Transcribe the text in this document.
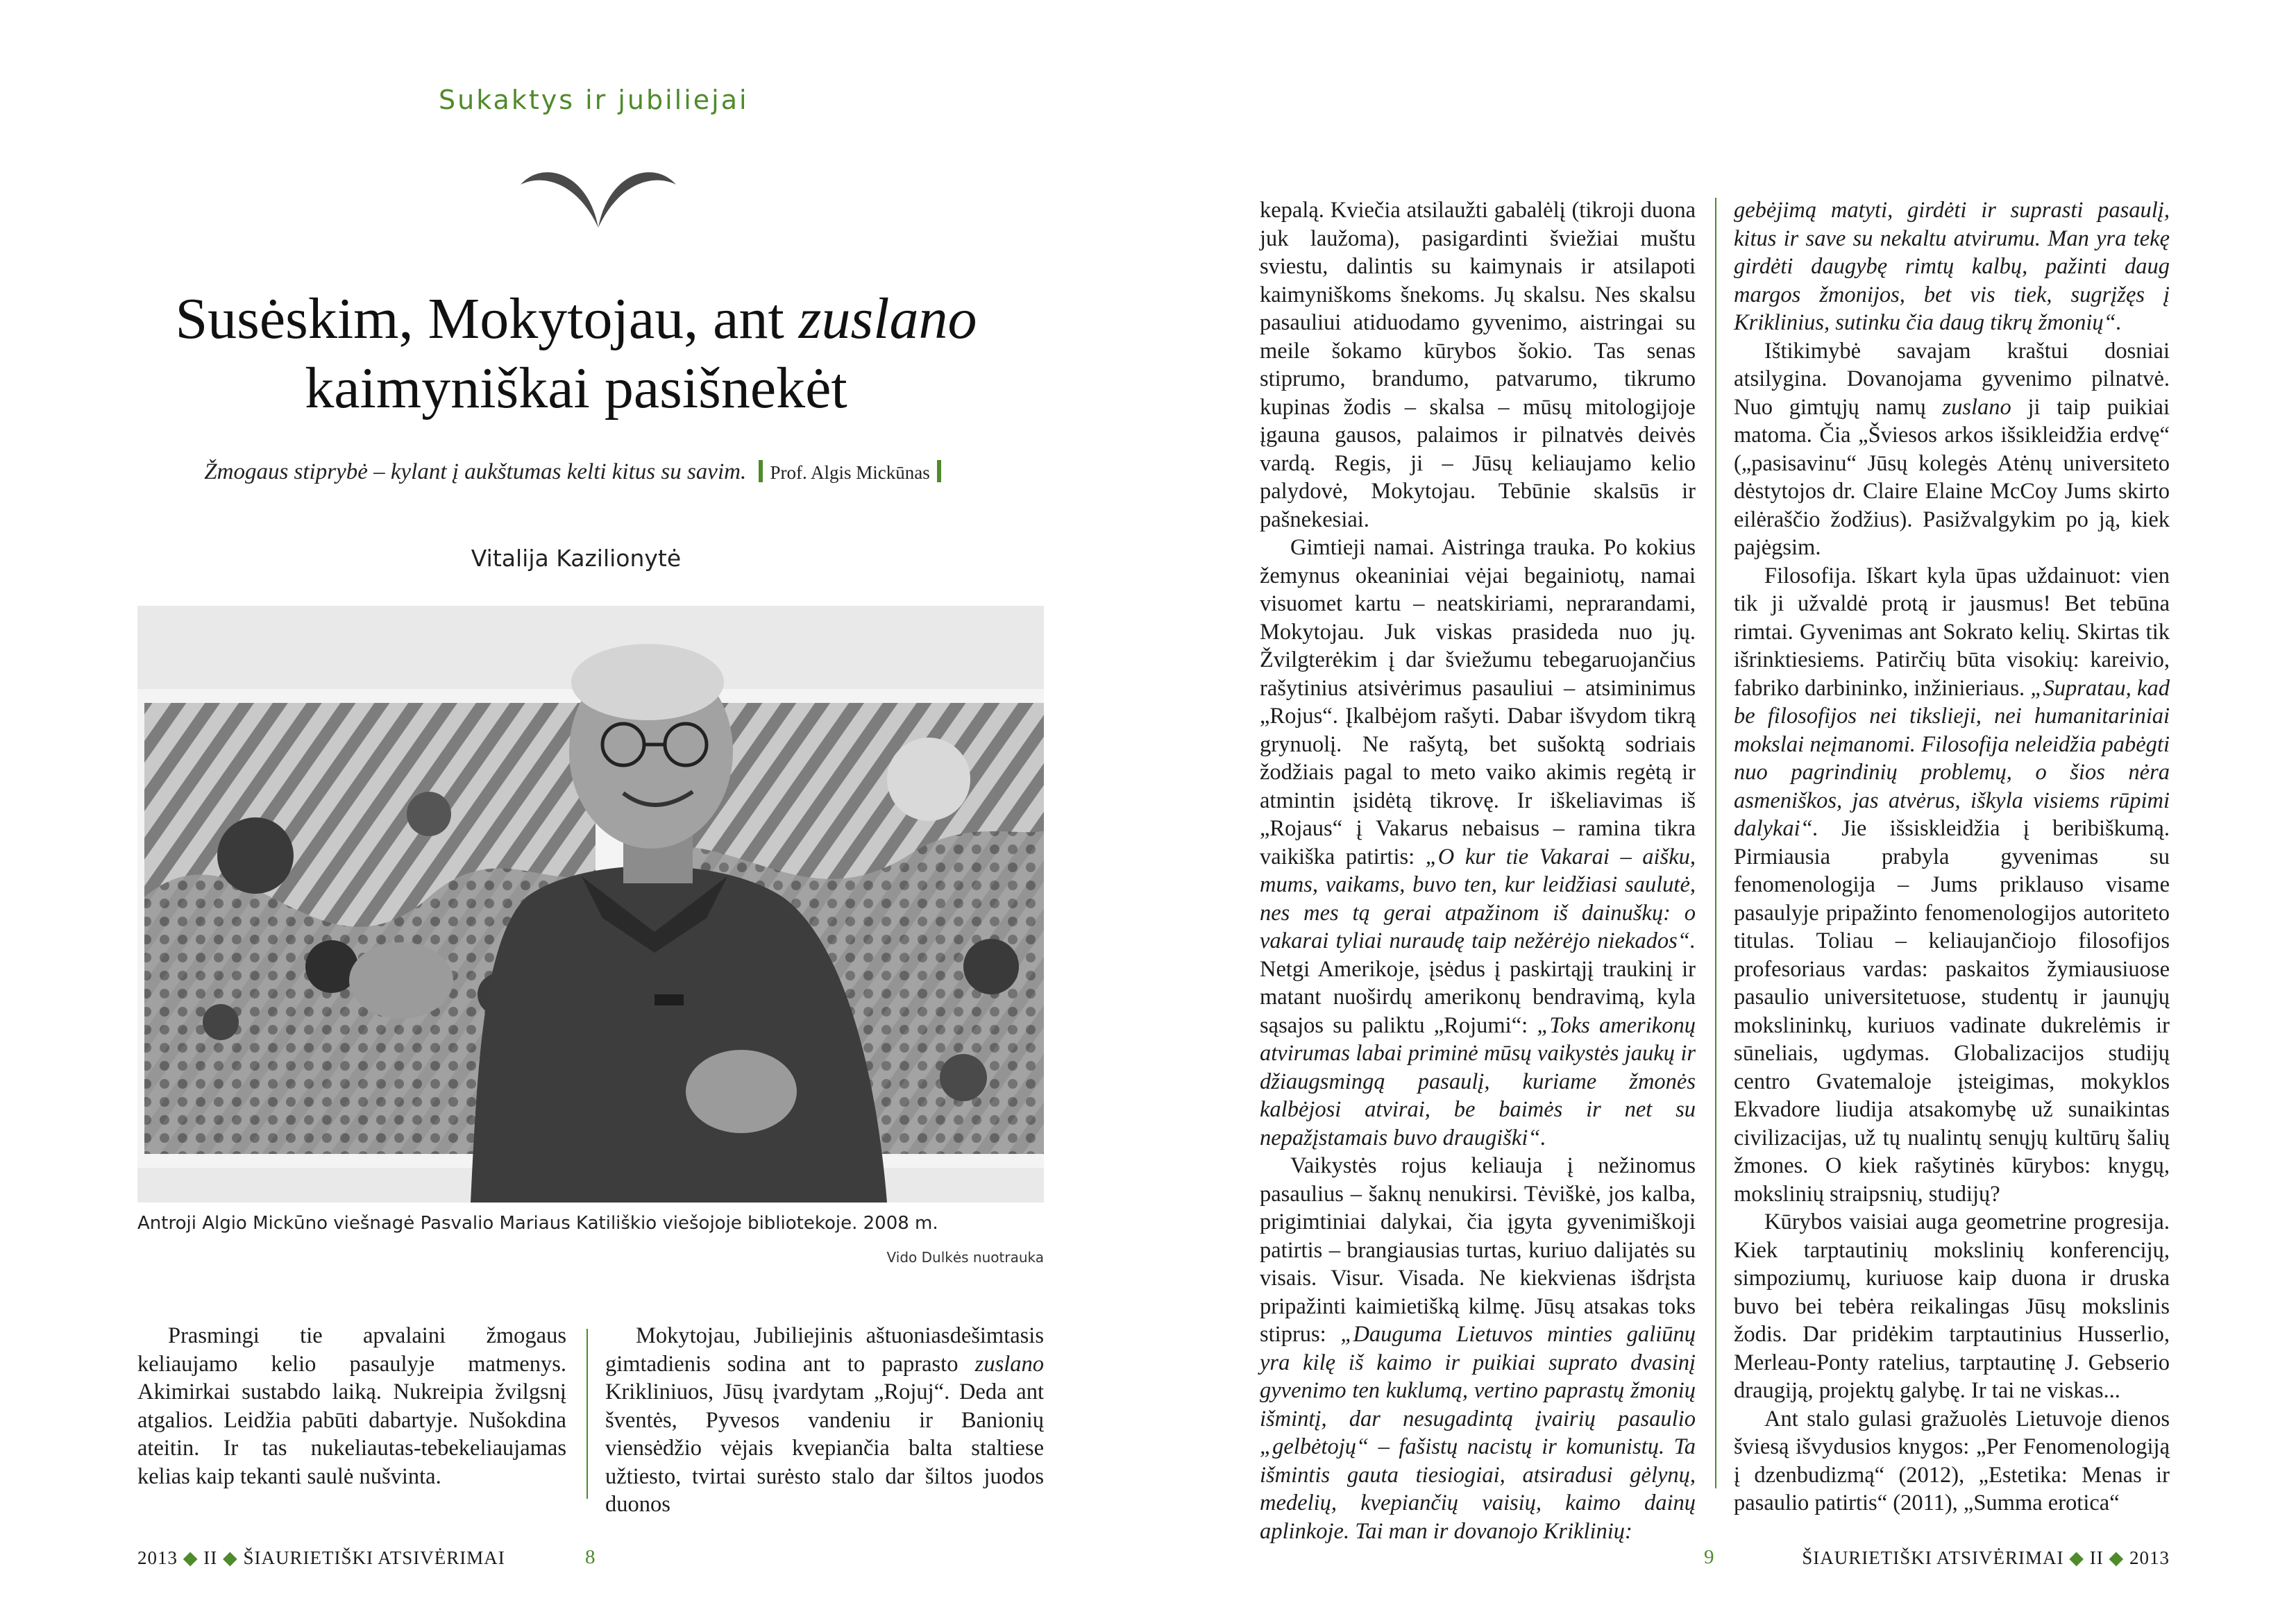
Sukaktys ir jubiliejai
Susėskim, Mokytojau, ant zuslano
kaimyniškai pasišnekėt
Žmogaus stiprybė – kylant į aukštumas kelti kitus su savim. Prof. Algis Mickūnas
Vitalija Kazilionytė
Antroji Algio Mickūno viešnagė Pasvalio Mariaus Katiliškio viešojoje bibliotekoje. 2008 m.
Vido Dulkės nuotrauka

Prasmingi tie apvalaini žmogaus keliaujamo kelio pasaulyje matmenys. Akimirkai sustabdo laiką. Nukreipia žvilgsnį atgalios. Leidžia pabūti dabartyje. Nušokdina ateitin. Ir tas nukeliautas-tebekeliaujamas kelias kaip tekanti saulė nušvinta.

Mokytojau, Jubiliejinis aštuoniasdešimtasis gimtadienis sodina ant to paprasto zuslano Krikliniuos, Jūsų įvardytam „Rojuj“. Deda ant šventės, Pyvesos vandeniu ir Banionių viensėdžio vėjais kvepiančia balta staltiese užtiesto, tvirtai surėsto stalo dar šiltos juodos duonos

kepalą. Kviečia atsilaužti gabalėlį (tikroji duona juk laužoma), pasigardinti šviežiai muštu sviestu, dalintis su kaimynais ir atsilapoti kaimyniškoms šnekoms. Jų skalsu. Nes skalsu pasauliui atiduodamo gyvenimo, aistringai su meile šokamo kūrybos šokio. Tas senas stiprumo, brandumo, patvarumo, tikrumo kupinas žodis – skalsa – mūsų mitologijoje įgauna gausos, palaimos ir pilnatvės deivės vardą. Regis, ji – Jūsų keliaujamo kelio palydovė, Mokytojau. Tebūnie skalsūs ir pašnekesiai.

Gimtieji namai. Aistringa trauka. Po kokius žemynus okeaniniai vėjai begainiotų, namai visuomet kartu – neatskiriami, neprarandami, Mokytojau. Juk viskas prasideda nuo jų. Žvilgterėkim į dar šviežumu tebegaruojančius rašytinius atsivėrimus pasauliui – atsiminimus „Rojus“. Įkalbėjom rašyti. Dabar išvydom tikrą grynuolį. Ne rašytą, bet sušoktą sodriais žodžiais pagal to meto vaiko akimis regėtą ir atmintin įsidėtą tikrovę. Ir iškeliavimas iš „Rojaus“ į Vakarus nebaisus – ramina tikra vaikiška patirtis: „O kur tie Vakarai – aišku, mums, vaikams, buvo ten, kur leidžiasi saulutė, nes mes tą gerai atpažinom iš dainuškų: o vakarai tyliai nuraudę taip nežėrėjo niekados“. Netgi Amerikoje, įsėdus į paskirtąjį traukinį ir matant nuoširdų amerikonų bendravimą, kyla sąsajos su paliktu „Rojumi“: „Toks amerikonų atvirumas labai priminė mūsų vaikystės jaukų ir džiaugsmingą pasaulį, kuriame žmonės kalbėjosi atvirai, be baimės ir net su nepažįstamais buvo draugiški“.

Vaikystės rojus keliauja į nežinomus pasaulius – šaknų nenukirsi. Tėviškė, jos kalba, prigimtiniai dalykai, čia įgyta gyvenimiškoji patirtis – brangiausias turtas, kuriuo dalijatės su visais. Visur. Visada. Ne kiekvienas išdrįsta pripažinti kaimietišką kilmę. Jūsų atsakas toks stiprus: „Dauguma Lietuvos minties galiūnų yra kilę iš kaimo ir puikiai suprato dvasinį gyvenimo ten kuklumą, vertino paprastų žmonių išmintį, dar nesugadintą įvairių pasaulio „gelbėtojų“ – fašistų nacistų ir komunistų. Ta išmintis gauta tiesiogiai, atsiradusi gėlynų, medelių, kvepiančių vaisių, kaimo dainų aplinkoje. Tai man ir dovanojo Kriklinių:

gebėjimą matyti, girdėti ir suprasti pasaulį, kitus ir save su nekaltu atvirumu. Man yra tekę girdėti daugybę rimtų kalbų, pažinti daug margos žmonijos, bet vis tiek, sugrįžęs į Kriklinius, sutinku čia daug tikrų žmonių“.

Ištikimybė savajam kraštui dosniai atsilygina. Dovanojama gyvenimo pilnatvė. Nuo gimtųjų namų zuslano ji taip puikiai matoma. Čia „Šviesos arkos išsikleidžia erdvę“ („pasisavinu“ Jūsų kolegės Atėnų universiteto dėstytojos dr. Claire Elaine McCoy Jums skirto eilėraščio žodžius). Pasižvalgykim po ją, kiek pajėgsim.

Filosofija. Iškart kyla ūpas uždainuot: vien tik ji užvaldė protą ir jausmus! Bet tebūna rimtai. Gyvenimas ant Sokrato kelių. Skirtas tik išrinktiesiems. Patirčių būta visokių: kareivio, fabriko darbininko, inžinieriaus. „Supratau, kad be filosofijos nei tikslieji, nei humanitariniai mokslai neįmanomi. Filosofija neleidžia pabėgti nuo pagrindinių problemų, o šios nėra asmeniškos, jas atvėrus, iškyla visiems rūpimi dalykai“. Jie išsiskleidžia į beribiškumą. Pirmiausia prabyla gyvenimas su fenomenologija – Jums priklauso visame pasaulyje pripažinto fenomenologijos autoriteto titulas. Toliau – keliaujančiojo filosofijos profesoriaus vardas: paskaitos žymiausiuose pasaulio universitetuose, studentų ir jaunųjų mokslininkų, kuriuos vadinate dukrelėmis ir sūneliais, ugdymas. Globalizacijos studijų centro Gvatemaloje įsteigimas, mokyklos Ekvadore liudija atsakomybę už sunaikintas civilizacijas, už tų nualintų senųjų kultūrų šalių žmones. O kiek rašytinės kūrybos: knygų, mokslinių straipsnių, studijų?

Kūrybos vaisiai auga geometrine progresija. Kiek tarptautinių mokslinių konferencijų, simpoziumų, kuriuose kaip duona ir druska buvo bei tebėra reikalingas Jūsų mokslinis žodis. Dar pridėkim tarptautinius Husserlio, Merleau-Ponty ratelius, tarptautinę J. Gebserio draugiją, projektų galybę. Ir tai ne viskas...

Ant stalo gulasi gražuolės Lietuvoje dienos šviesą išvydusios knygos: „Per Fenomenologiją į dzenbudizmą“ (2012), „Estetika: Menas ir pasaulio patirtis“ (2011), „Summa erotica“

2013 ◆ II ◆ ŠIAURIETIŠKI ATSIVĖRIMAI	8	9	ŠIAURIETIŠKI ATSIVĖRIMAI ◆ II ◆ 2013
